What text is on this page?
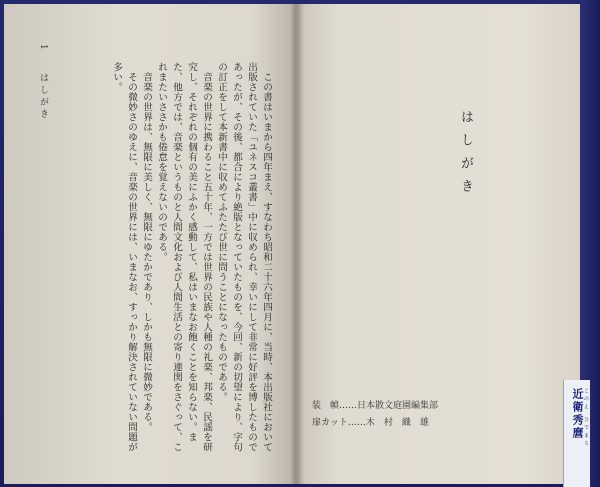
1 はしがき	この書はいまから四年まえ、すなわち昭和二十六年四月に、当時、本出版社において出版されていた「ユネスコ叢書」中に収められ、幸いにして非常に好評を博したものであったが、その後、都合により絶版となっていたものを、今回、新の切望により、字句の訂正をして本新書中に収めてふたたび世に問うことになったものである。

音楽の世界に携わること五十年、一方では世界の民族や人種の礼楽、邦楽、民謡を研究し、それぞれの個有の美にふかく感動して、私はいまなお飽くことを知らない。また、他方では、音楽というものと人間文化および人間生活との寄り連関をさぐって、これまたいささかも倦怠を覚えないのである。

音楽の世界は、無限に美しく、無限にゆたかであり、しかも無限に微妙である。

その微妙さのゆえに、音楽の世界には、いまなお、すっかり解決されていない問題が多い。

はしがき
装　幀……日本散文庭園編集部
扉カット……木　村　織　雄	近衛秀麿 このえ ひでまろ
